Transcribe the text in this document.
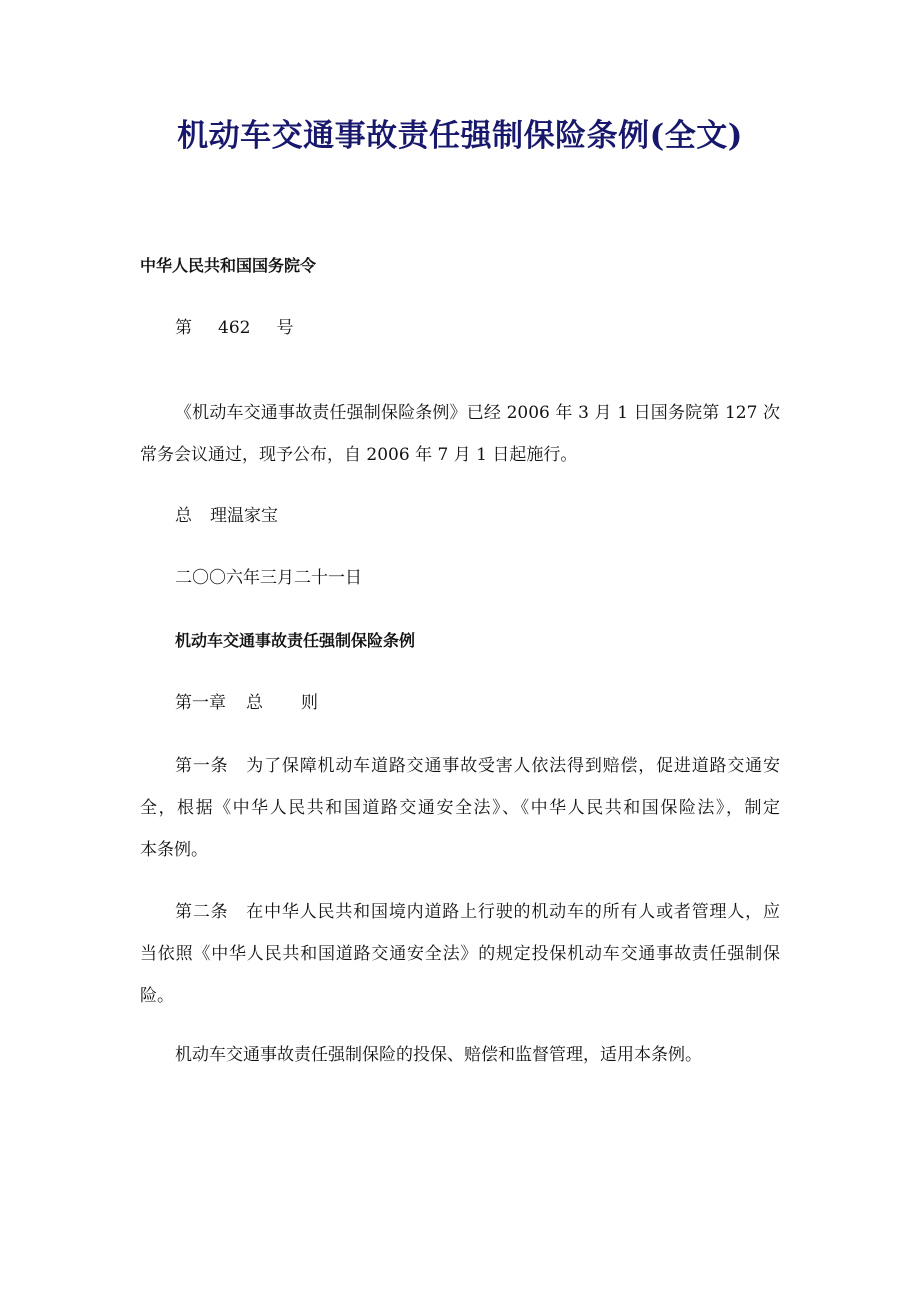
机动车交通事故责任强制保险条例(全文)
中华人民共和国国务院令
第 462 号
《机动车交通事故责任强制保险条例》已经 2006 年 3 月 1 日国务院第 127 次
常务会议通过，现予公布，自 2006 年 7 月 1 日起施行。
总 理温家宝
二〇〇六年三月二十一日
机动车交通事故责任强制保险条例
第一章 总 则
第一条　为了保障机动车道路交通事故受害人依法得到赔偿，促进道路交通安
全，根据《中华人民共和国道路交通安全法》、《中华人民共和国保险法》，制定
本条例。
第二条　在中华人民共和国境内道路上行驶的机动车的所有人或者管理人，应
当依照《中华人民共和国道路交通安全法》的规定投保机动车交通事故责任强制保
险。
机动车交通事故责任强制保险的投保、赔偿和监督管理，适用本条例。
